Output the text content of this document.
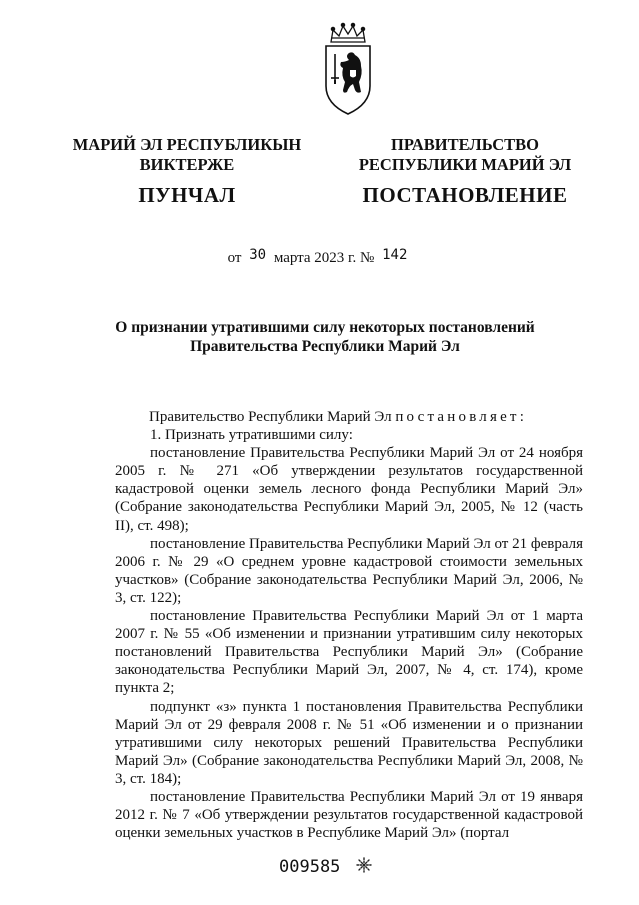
МАРИЙ ЭЛ РЕСПУБЛИКЫН
ВИКТЕРЖЕ
ПУНЧАЛ
ПРАВИТЕЛЬСТВО
РЕСПУБЛИКИ МАРИЙ ЭЛ
ПОСТАНОВЛЕНИЕ
от 30 марта 2023 г. № 142
О признании утратившими силу некоторых постановлений
Правительства Республики Марий Эл

Правительство Республики Марий Эл постановляет:

1. Признать утратившими силу:

постановление Правительства Республики Марий Эл от 24 ноября 2005 г. № 271 «Об утверждении результатов государственной кадастровой оценки земель лесного фонда Республики Марий Эл» (Собрание законодательства Республики Марий Эл, 2005, № 12 (часть II), ст. 498);

постановление Правительства Республики Марий Эл от 21 февраля 2006 г. № 29 «О среднем уровне кадастровой стоимости земельных участков» (Собрание законодательства Республики Марий Эл, 2006, № 3, ст. 122);

постановление Правительства Республики Марий Эл от 1 марта 2007 г. № 55 «Об изменении и признании утратившим силу некоторых постановлений Правительства Республики Марий Эл» (Собрание законодательства Республики Марий Эл, 2007, № 4, ст. 174), кроме пункта 2;

подпункт «з» пункта 1 постановления Правительства Республики Марий Эл от 29 февраля 2008 г. № 51 «Об изменении и о признании утратившими силу некоторых решений Правительства Республики Марий Эл» (Собрание законодательства Республики Марий Эл, 2008, № 3, ст. 184);

постановление Правительства Республики Марий Эл от 19 января 2012 г. № 7 «Об утверждении результатов государственной кадастровой оценки земельных участков в Республике Марий Эл» (портал

009585
